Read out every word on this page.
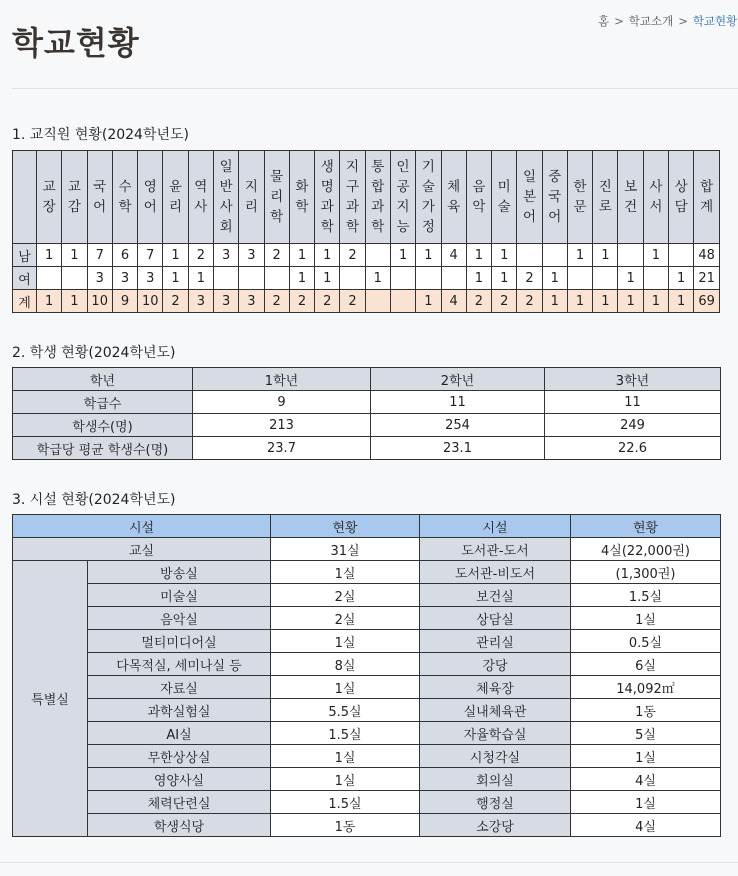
홈 > 학교소개 > 학교현황
학교현황
1. 교직원 현황(2024학년도)
	교장	교감	국어	수학	영어	윤리	역사	일반사회	지리	물리학	화학	생명과학	지구과학	통합과학	인공지능	기술가정	체육	음악	미술	일본어	중국어	한문	진로	보건	사서	상담	합계
남	1	1	7	6	7	1	2	3	3	2	1	1	2		1	1	4	1	1			1	1		1		48
여			3	3	3	1	1				1	1		1				1	1	2	1			1		1	21
계	1	1	10	9	10	2	3	3	3	2	2	2	2			1	4	2	2	2	1	1	1	1	1	1	69
2. 학생 현황(2024학년도)
학년	1학년	2학년	3학년
학급수	9	11	11
학생수(명)	213	254	249
학급당 평균 학생수(명)	23.7	23.1	22.6
3. 시설 현황(2024학년도)
시설		현황	시설	현황
교실		31실	도서관-도서	4실(22,000권)
특별실	방송실	1실	도서관-비도서	(1,300권)
	미술실	2실	보건실	1.5실
	음악실	2실	상담실	1실
	멀티미디어실	1실	관리실	0.5실
	다목적실, 세미나실 등	8실	강당	6실
	자료실	1실	체육장	14,092㎡
	과학실험실	5.5실	실내체육관	1동
	AI실	1.5실	자율학습실	5실
	무한상상실	1실	시청각실	1실
	영양사실	1실	회의실	4실
	체력단련실	1.5실	행정실	1실
	학생식당	1동	소강당	4실
